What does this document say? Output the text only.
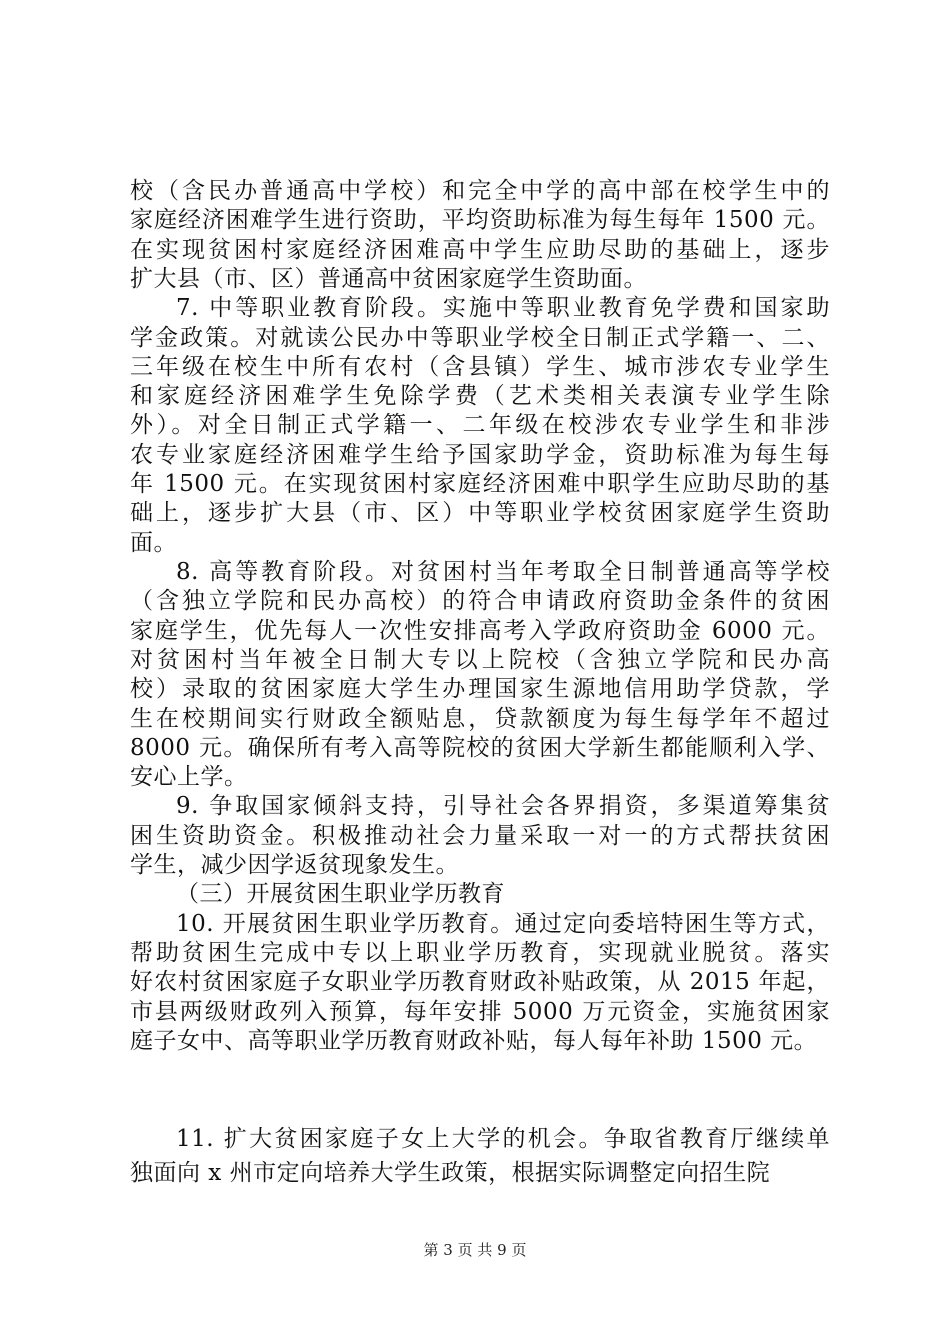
校（含民办普通高中学校）和完全中学的高中部在校学生中的
家庭经济困难学生进行资助，平均资助标准为每生每年 1500 元。
在实现贫困村家庭经济困难高中学生应助尽助的基础上，逐步
扩大县（市、区）普通高中贫困家庭学生资助面。
7. 中等职业教育阶段。实施中等职业教育免学费和国家助
学金政策。对就读公民办中等职业学校全日制正式学籍一、二、
三年级在校生中所有农村（含县镇）学生、城市涉农专业学生
和家庭经济困难学生免除学费（艺术类相关表演专业学生除
外）。对全日制正式学籍一、二年级在校涉农专业学生和非涉
农专业家庭经济困难学生给予国家助学金，资助标准为每生每
年 1500 元。在实现贫困村家庭经济困难中职学生应助尽助的基
础上，逐步扩大县（市、区）中等职业学校贫困家庭学生资助
面。
8. 高等教育阶段。对贫困村当年考取全日制普通高等学校
（含独立学院和民办高校）的符合申请政府资助金条件的贫困
家庭学生，优先每人一次性安排高考入学政府资助金 6000 元。
对贫困村当年被全日制大专以上院校（含独立学院和民办高
校）录取的贫困家庭大学生办理国家生源地信用助学贷款，学
生在校期间实行财政全额贴息，贷款额度为每生每学年不超过
8000 元。确保所有考入高等院校的贫困大学新生都能顺利入学、
安心上学。
9. 争取国家倾斜支持，引导社会各界捐资，多渠道筹集贫
困生资助资金。积极推动社会力量采取一对一的方式帮扶贫困
学生，减少因学返贫现象发生。
（三）开展贫困生职业学历教育
10. 开展贫困生职业学历教育。通过定向委培特困生等方式，
帮助贫困生完成中专以上职业学历教育，实现就业脱贫。落实
好农村贫困家庭子女职业学历教育财政补贴政策，从 2015 年起，
市县两级财政列入预算，每年安排 5000 万元资金，实施贫困家
庭子女中、高等职业学历教育财政补贴，每人每年补助 1500 元。
第 3 页 共 9 页
11. 扩大贫困家庭子女上大学的机会。争取省教育厅继续单
独面向 x 州市定向培养大学生政策，根据实际调整定向招生院
